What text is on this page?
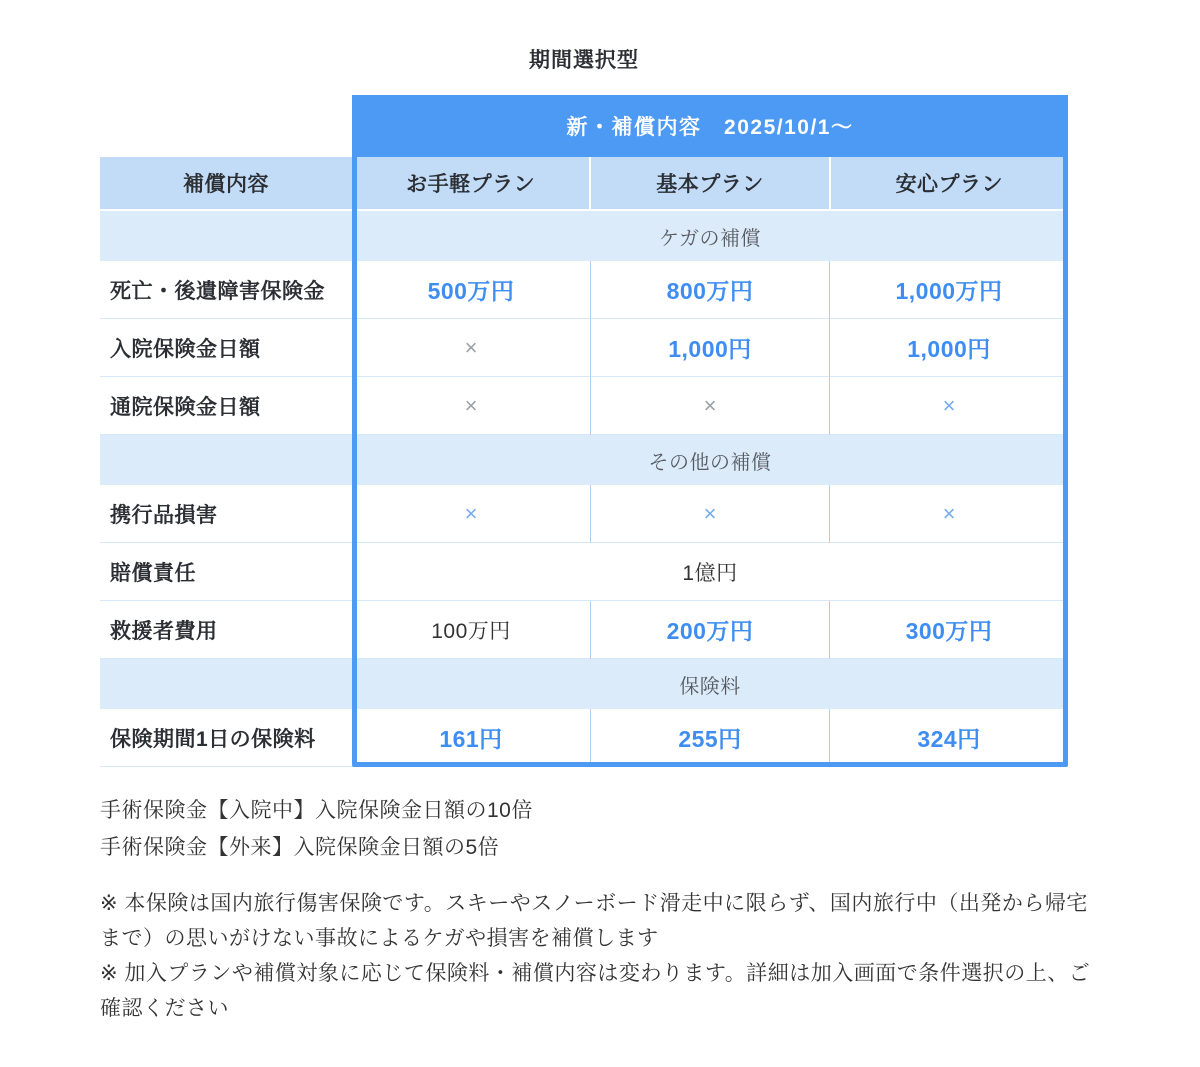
期間選択型
新・補償内容　2025/10/1〜
補償内容	お手軽プラン	基本プラン	安心プラン
ケガの補償
死亡・後遺障害保険金	500万円	800万円	1,000万円
入院保険金日額	×	1,000円	1,000円
通院保険金日額	×	×	×
その他の補償
携行品損害	×	×	×
賠償責任	1億円
救援者費用	100万円	200万円	300万円
保険料
保険期間1日の保険料	161円	255円	324円
手術保険金【入院中】入院保険金日額の10倍
手術保険金【外来】入院保険金日額の5倍
※ 本保険は国内旅行傷害保険です。スキーやスノーボード滑走中に限らず、国内旅行中（出発から帰宅まで）の思いがけない事故によるケガや損害を補償します
※ 加入プランや補償対象に応じて保険料・補償内容は変わります。詳細は加入画面で条件選択の上、ご確認ください
